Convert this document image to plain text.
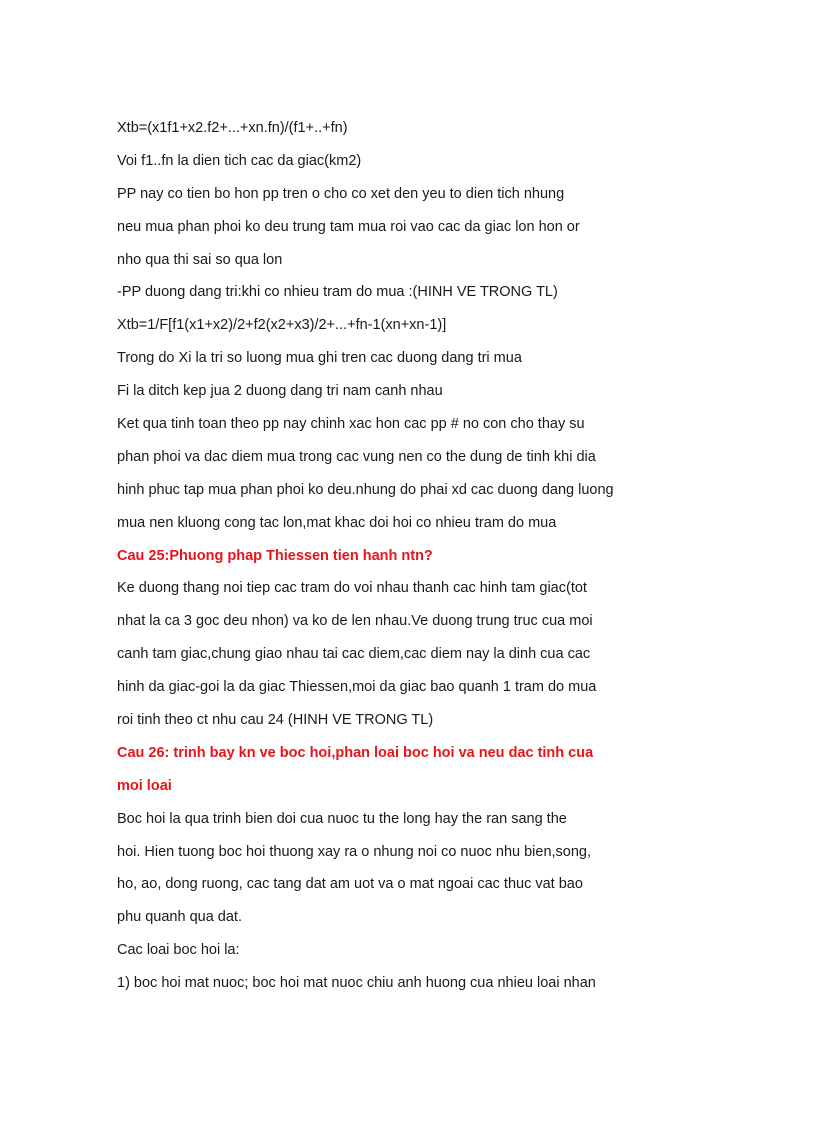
Xtb=(x1f1+x2.f2+...+xn.fn)/(f1+..+fn)
Voi f1..fn la dien tich cac da giac(km2)
PP nay co tien bo hon pp tren o cho co xet den yeu to dien tich nhung
neu mua phan phoi ko deu trung tam mua roi vao cac da giac lon hon or
nho qua thi sai so qua lon
-PP duong dang tri:khi co nhieu tram do mua :(HINH VE TRONG TL)
Xtb=1/F[f1(x1+x2)/2+f2(x2+x3)/2+...+fn-1(xn+xn-1)]
Trong do Xi la tri so luong mua ghi tren cac duong dang tri mua
Fi la ditch kep jua 2 duong dang tri nam canh nhau
Ket qua tinh toan theo pp nay chinh xac hon cac pp # no con cho thay su
phan phoi va dac diem mua trong cac vung nen co the dung de tinh khi dia
hinh phuc tap mua phan phoi ko deu.nhung do phai xd cac duong dang luong
mua nen kluong cong tac lon,mat khac doi hoi co nhieu tram do mua
Cau 25:Phuong phap Thiessen tien hanh ntn?
Ke duong thang noi tiep cac tram do voi nhau thanh cac hinh tam giac(tot
nhat la ca 3 goc deu nhon) va ko de len nhau.Ve duong trung truc cua moi
canh tam giac,chung giao nhau tai cac diem,cac diem nay la dinh cua cac
hinh da giac-goi la da giac Thiessen,moi da giac bao quanh 1 tram do mua
roi tinh theo ct nhu cau 24 (HINH VE TRONG TL)
Cau 26: trinh bay kn ve boc hoi,phan loai boc hoi va neu dac tinh cua
moi loai
Boc hoi la qua trinh bien doi cua nuoc tu the long hay the ran sang the
hoi. Hien tuong boc hoi thuong xay ra o nhung noi co nuoc nhu bien,song,
ho, ao, dong ruong, cac tang dat am uot va o mat ngoai cac thuc vat bao
phu quanh qua dat.
Cac loai boc hoi la:
1) boc hoi mat nuoc; boc hoi mat nuoc chiu anh huong cua nhieu loai nhan
